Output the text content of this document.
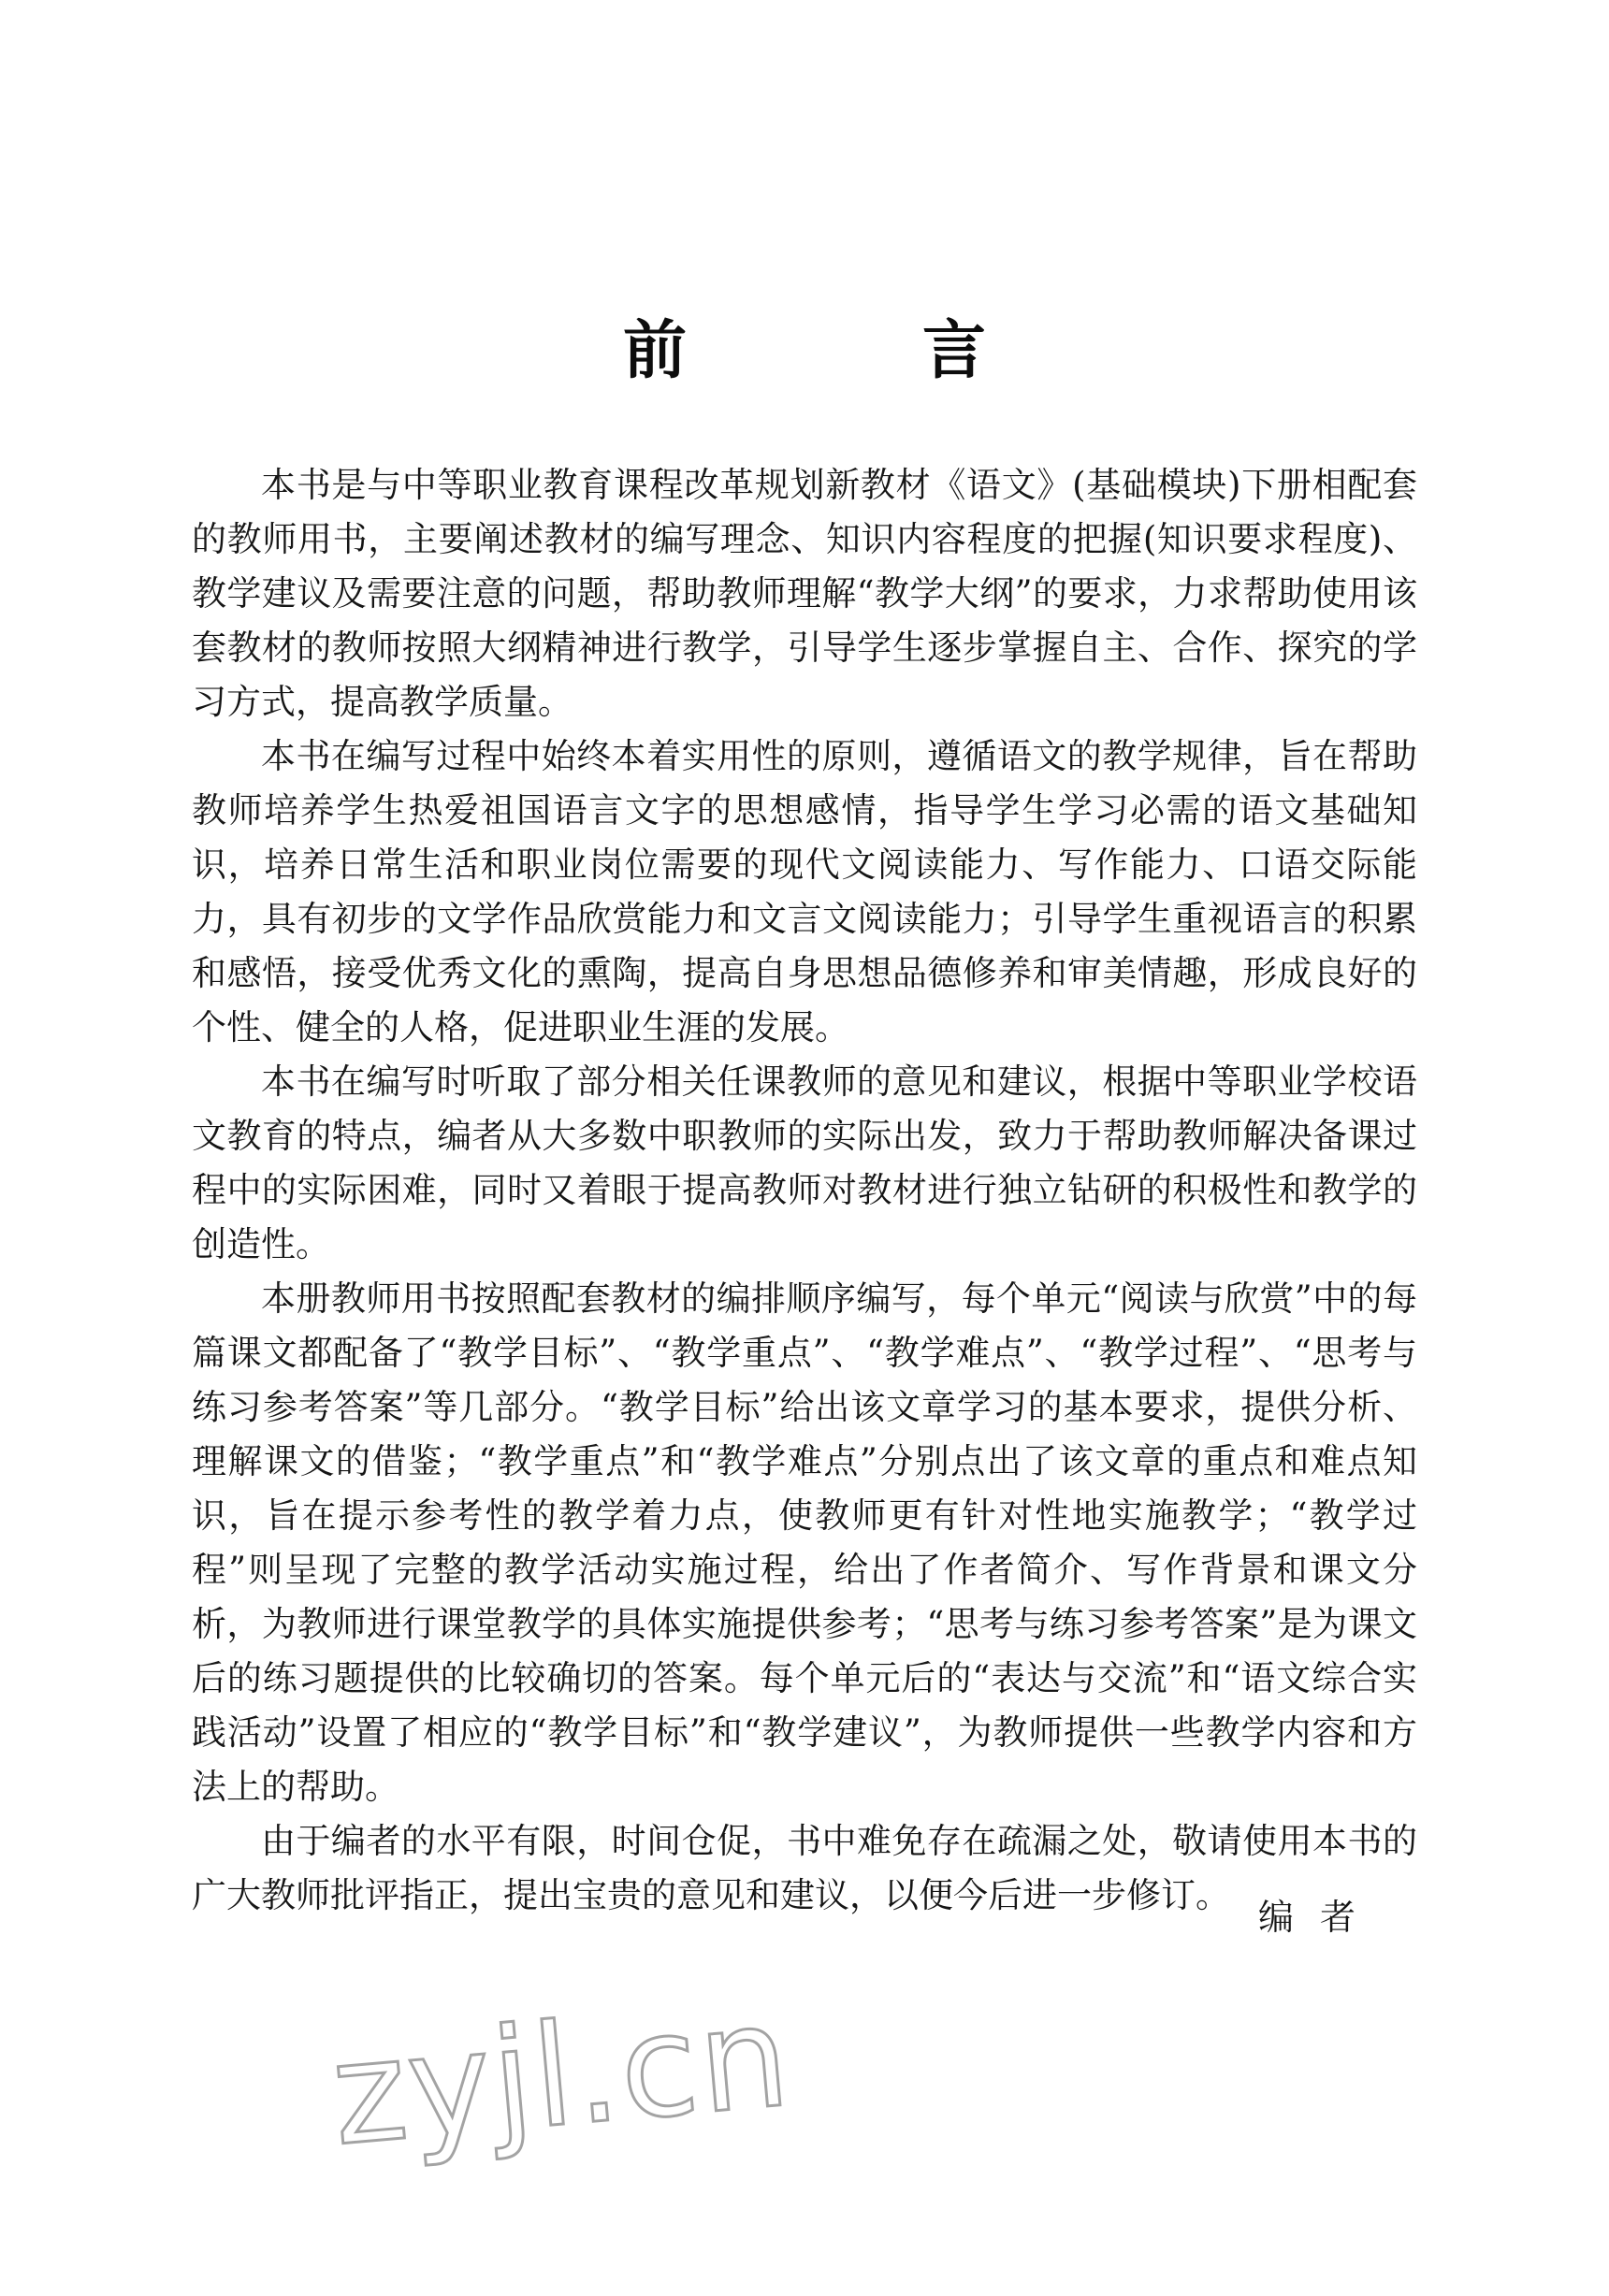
前　言

本书是与中等职业教育课程改革规划新教材《语文》(基础模块)下册相配套的教师用书，主要阐述教材的编写理念、知识内容程度的把握(知识要求程度)、教学建议及需要注意的问题，帮助教师理解“教学大纲”的要求，力求帮助使用该套教材的教师按照大纲精神进行教学，引导学生逐步掌握自主、合作、探究的学习方式，提高教学质量。

本书在编写过程中始终本着实用性的原则，遵循语文的教学规律，旨在帮助教师培养学生热爱祖国语言文字的思想感情，指导学生学习必需的语文基础知识，培养日常生活和职业岗位需要的现代文阅读能力、写作能力、口语交际能力，具有初步的文学作品欣赏能力和文言文阅读能力；引导学生重视语言的积累和感悟，接受优秀文化的熏陶，提高自身思想品德修养和审美情趣，形成良好的个性、健全的人格，促进职业生涯的发展。

本书在编写时听取了部分相关任课教师的意见和建议，根据中等职业学校语文教育的特点，编者从大多数中职教师的实际出发，致力于帮助教师解决备课过程中的实际困难，同时又着眼于提高教师对教材进行独立钻研的积极性和教学的创造性。

本册教师用书按照配套教材的编排顺序编写，每个单元“阅读与欣赏”中的每篇课文都配备了“教学目标”、“教学重点”、“教学难点”、“教学过程”、“思考与练习参考答案”等几部分。“教学目标”给出该文章学习的基本要求，提供分析、理解课文的借鉴；“教学重点”和“教学难点”分别点出了该文章的重点和难点知识，旨在提示参考性的教学着力点，使教师更有针对性地实施教学；“教学过程”则呈现了完整的教学活动实施过程，给出了作者简介、写作背景和课文分析，为教师进行课堂教学的具体实施提供参考；“思考与练习参考答案”是为课文后的练习题提供的比较确切的答案。每个单元后的“表达与交流”和“语文综合实践活动”设置了相应的“教学目标”和“教学建议”，为教师提供一些教学内容和方法上的帮助。

由于编者的水平有限，时间仓促，书中难免存在疏漏之处，敬请使用本书的广大教师批评指正，提出宝贵的意见和建议，以便今后进一步修订。

编者
zyjl.cn
